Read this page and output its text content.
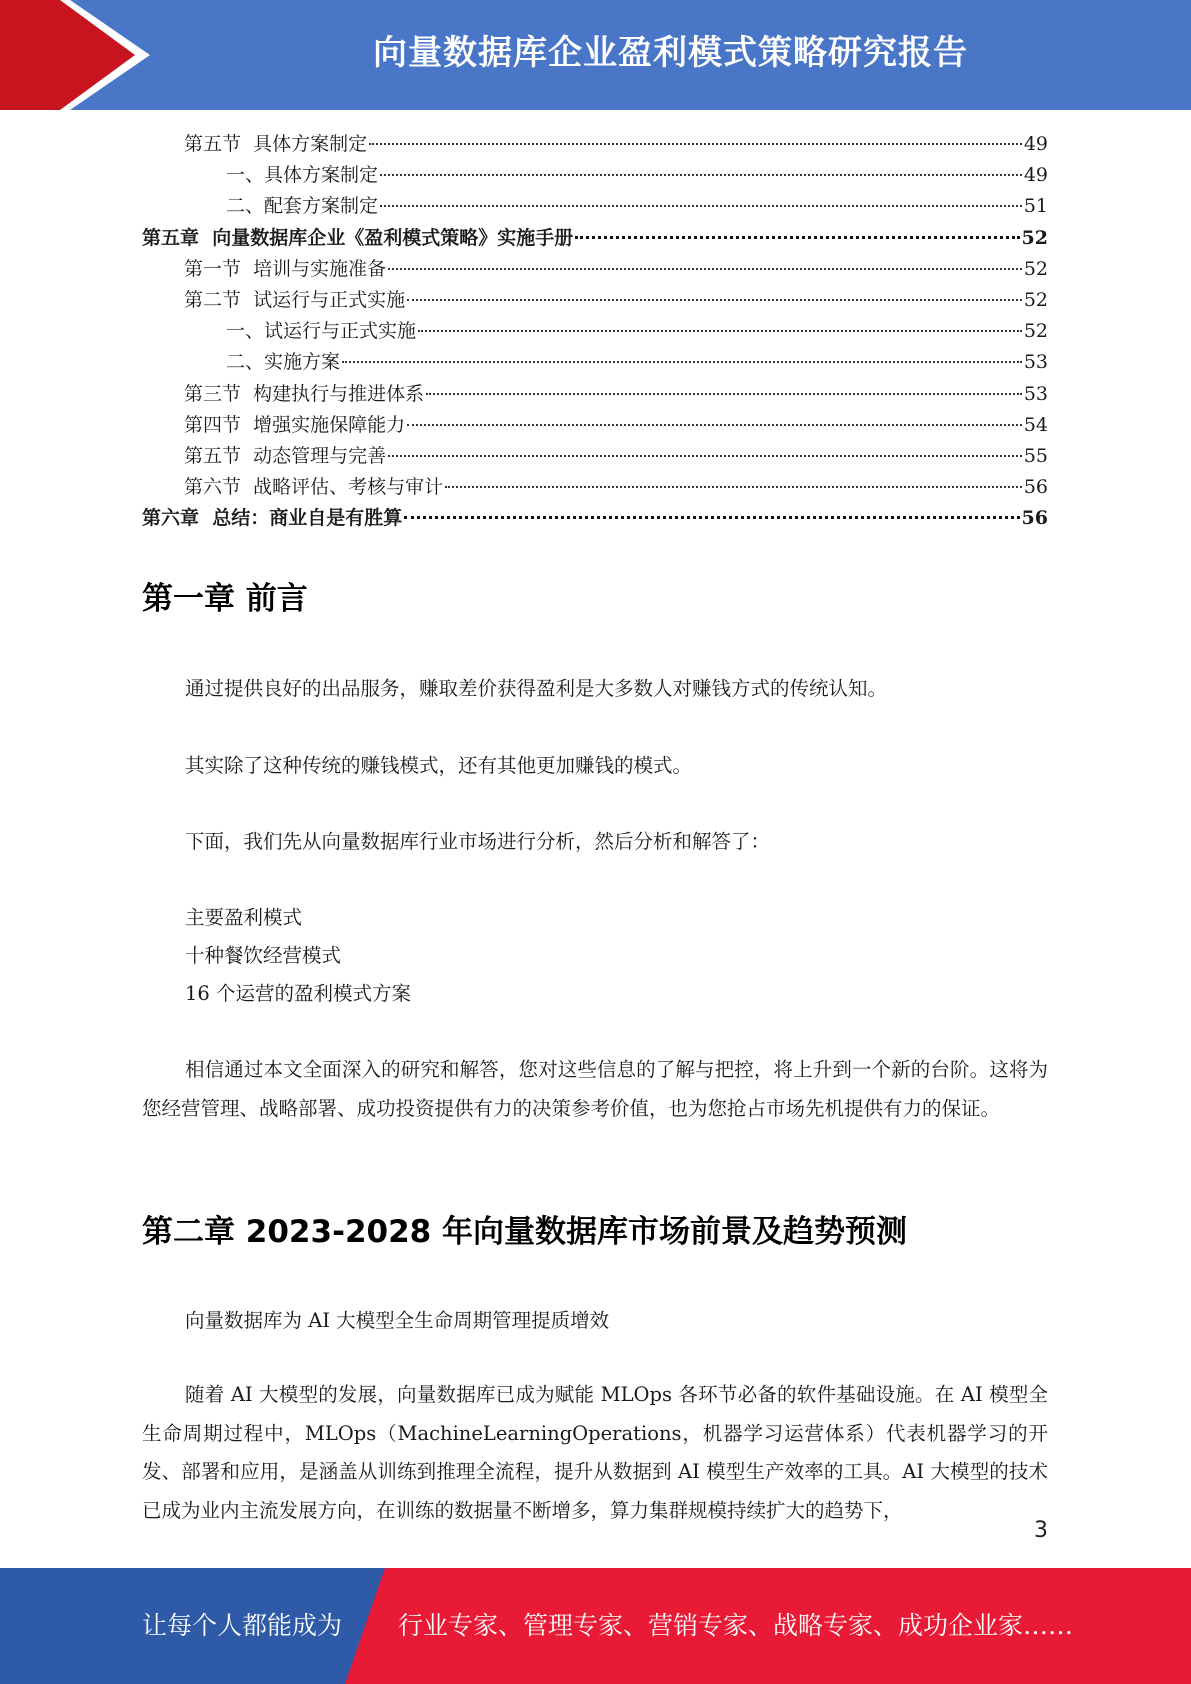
向量数据库企业盈利模式策略研究报告
第五节  具体方案制定	49
一、具体方案制定	49
二、配套方案制定	51
第五章  向量数据库企业《盈利模式策略》实施手册	52
第一节  培训与实施准备	52
第二节  试运行与正式实施	52
一、试运行与正式实施	52
二、实施方案	53
第三节  构建执行与推进体系	53
第四节  增强实施保障能力	54
第五节  动态管理与完善	55
第六节  战略评估、考核与审计	56
第六章  总结：商业自是有胜算	56
第一章 前言

通过提供良好的出品服务，赚取差价获得盈利是大多数人对赚钱方式的传统认知。

其实除了这种传统的赚钱模式，还有其他更加赚钱的模式。

下面，我们先从向量数据库行业市场进行分析，然后分析和解答了：

主要盈利模式

十种餐饮经营模式

16 个运营的盈利模式方案

相信通过本文全面深入的研究和解答，您对这些信息的了解与把控，将上升到一个新的台阶。这将为您经营管理、战略部署、成功投资提供有力的决策参考价值，也为您抢占市场先机提供有力的保证。

第二章 2023-2028 年向量数据库市场前景及趋势预测

向量数据库为 AI 大模型全生命周期管理提质增效

随着 AI 大模型的发展，向量数据库已成为赋能 MLOps 各环节必备的软件基础设施。在 AI 模型全生命周期过程中，MLOps（MachineLearningOperations，机器学习运营体系）代表机器学习的开发、部署和应用，是涵盖从训练到推理全流程，提升从数据到 AI 模型生产效率的工具。AI 大模型的技术已成为业内主流发展方向，在训练的数据量不断增多，算力集群规模持续扩大的趋势下，

3
让每个人都能成为 行业专家、管理专家、营销专家、战略专家、成功企业家……
